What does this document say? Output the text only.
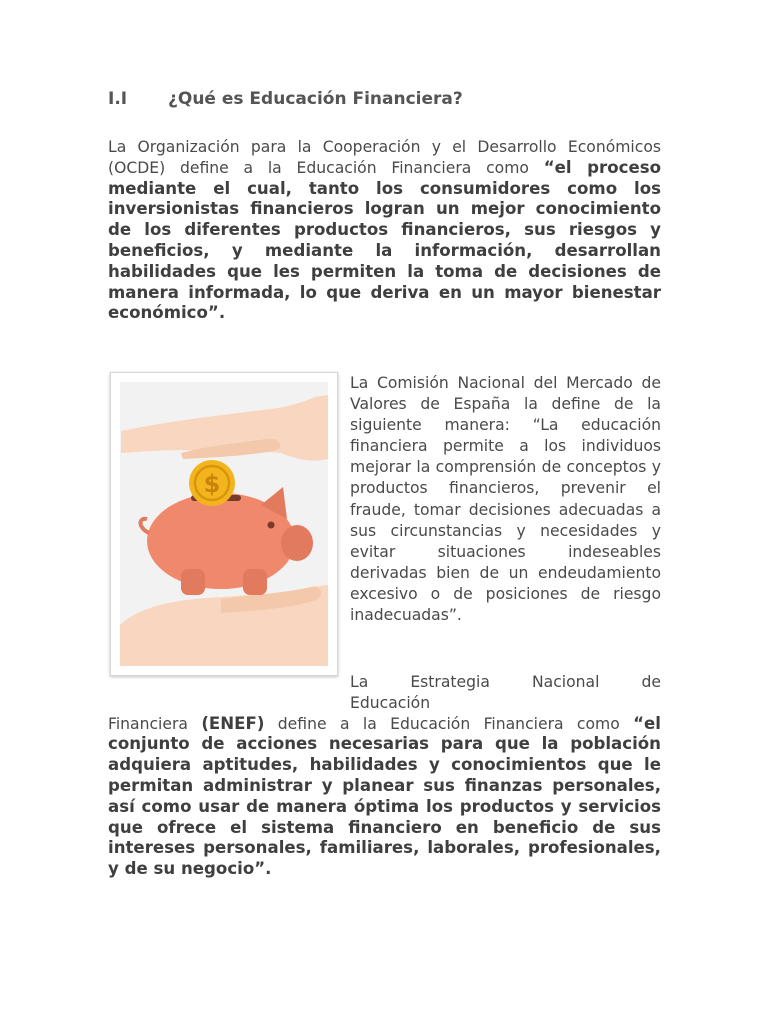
I.I ¿Qué es Educación Financiera?

La Organización para la Cooperación y el Desarrollo Económicos (OCDE) define a la Educación Financiera como “el proceso mediante el cual, tanto los consumidores como los inversionistas financieros logran un mejor conocimiento de los diferentes productos financieros, sus riesgos y beneficios, y mediante la información, desarrollan habilidades que les permiten la toma de decisiones de manera informada, lo que deriva en un mayor bienestar económico”.

$

La Comisión Nacional del Mercado de Valores de España la define de la siguiente manera: “La educación financiera permite a los individuos mejorar la comprensión de conceptos y productos financieros, prevenir el fraude, tomar decisiones adecuadas a sus circunstancias y necesidades y evitar situaciones indeseables derivadas bien de un endeudamiento excesivo o de posiciones de riesgo inadecuadas”.

La Estrategia Nacional de
Educación
Financiera (ENEF) define a la Educación Financiera como “el conjunto de acciones necesarias para que la población adquiera aptitudes, habilidades y conocimientos que le permitan administrar y planear sus finanzas personales, así como usar de manera óptima los productos y servicios que ofrece el sistema financiero en beneficio de sus intereses personales, familiares, laborales, profesionales, y de su negocio”.
